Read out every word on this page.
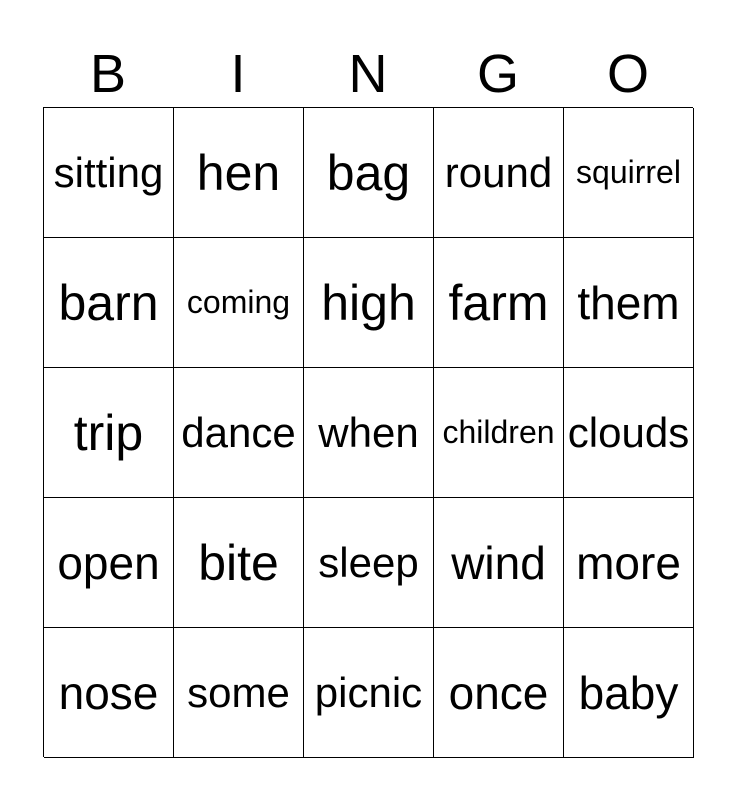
B	I	N	G	O
sitting hen bag round squirrel
barn coming high farm them
trip dance when children clouds
open bite sleep wind more
nose some picnic once baby
